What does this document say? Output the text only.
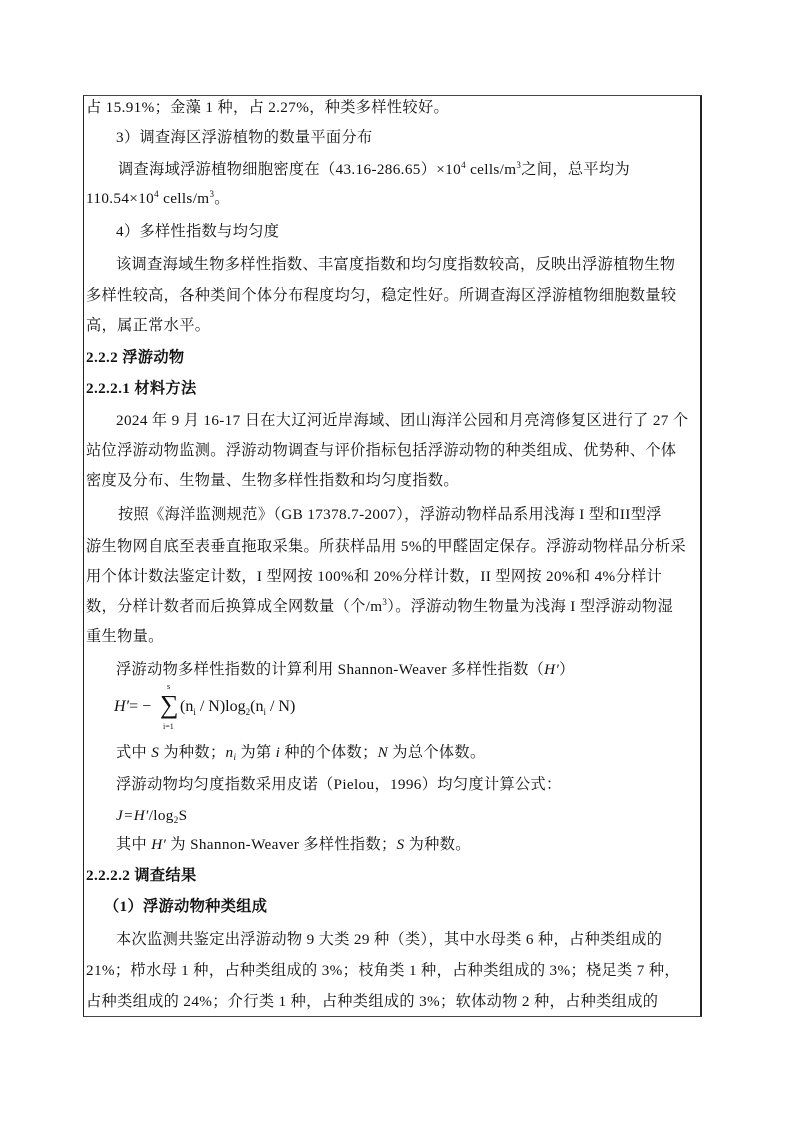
占 15.91%；金藻 1 种，占 2.27%，种类多样性较好。
3）调查海区浮游植物的数量平面分布
调查海域浮游植物细胞密度在$(43.16-286.65)\times 10^4$ cells/$m^3$之间，总平均为
$110.54\times 10^4$ cells/$m^3$。
4）多样性指数与均匀度
该调查海域生物多样性指数、丰富度指数和均匀度指数较高，反映出浮游植物生物
多样性较高，各种类间个体分布程度均匀，稳定性好。所调查海区浮游植物细胞数量较
高，属正常水平。
2.2.2 浮游动物
2.2.2.1 材料方法
2024 年 9 月 16-17 日在大辽河近岸海域、团山海洋公园和月亮湾修复区进行了 27 个
站位浮游动物监测。浮游动物调查与评价指标包括浮游动物的种类组成、优势种、个体
密度及分布、生物量、生物多样性指数和均匀度指数。
按照《海洋监测规范》（GB 17378.7-2007），浮游动物样品系用浅海 I 型和II型浮
游生物网自底至表垂直拖取采集。所获样品用 5%的甲醛固定保存。浮游动物样品分析采
用个体计数法鉴定计数，I 型网按 100%和 20%分样计数，II 型网按 20%和 4%分样计
数，分样计数者而后换算成全网数量（个$/m^3$）。浮游动物生物量为浅海 I 型浮游动物湿
重生物量。
浮游动物多样性指数的计算利用 Shannon-Weaver 多样性指数（H′）
H′= −
s
∑
i=1
$(n_i / N)\log_2(n_i / N)$
式中 S 为种数；$n_i$ 为第 i 种的个体数；N 为总个体数。
浮游动物均匀度指数采用皮诺（Pielou，1996）均匀度计算公式：
$J=H'/\log_2S$
其中 H′ 为 Shannon-Weaver 多样性指数；S 为种数。
2.2.2.2 调查结果
（1）浮游动物种类组成
本次监测共鉴定出浮游动物 9 大类 29 种（类），其中水母类 6 种，占种类组成的
21%；栉水母 1 种，占种类组成的 3%；枝角类 1 种，占种类组成的 3%；桡足类 7 种，
占种类组成的 24%；介行类 1 种，占种类组成的 3%；软体动物 2 种，占种类组成的
